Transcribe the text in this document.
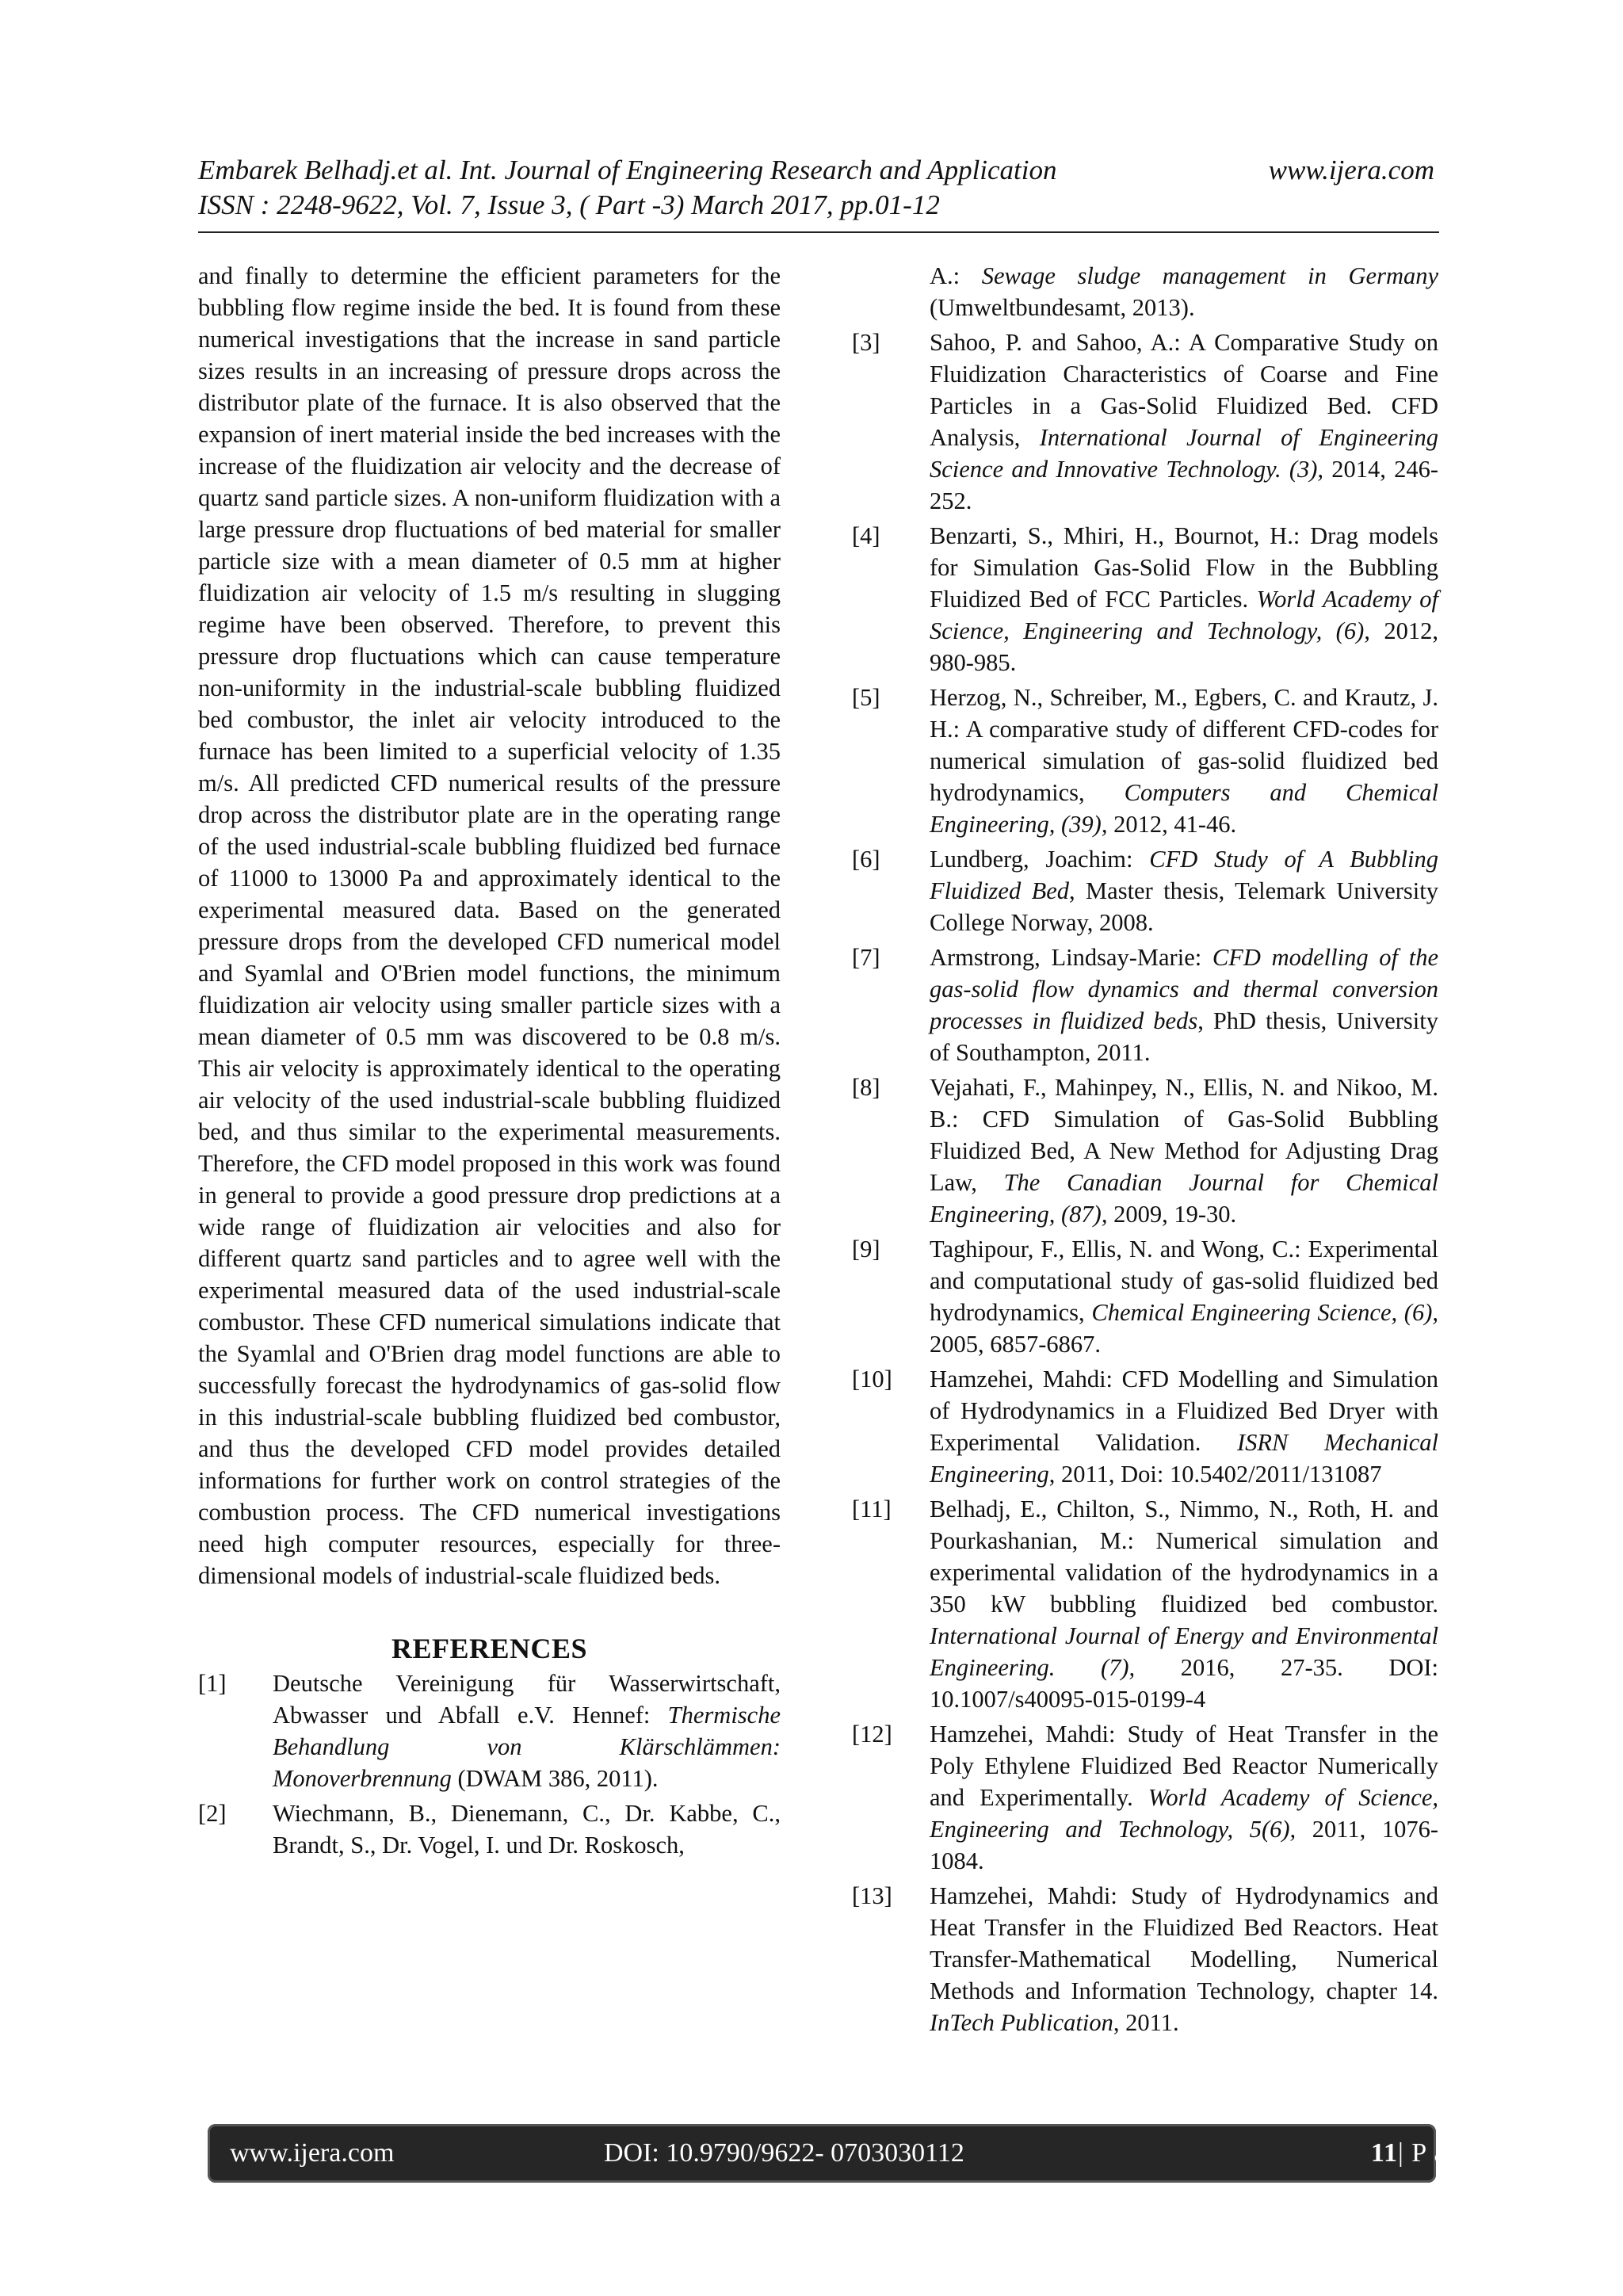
Embarek Belhadj.et al. Int. Journal of Engineering Research and Application	www.ijera.com
ISSN : 2248-9622, Vol. 7, Issue 3, ( Part -3) March 2017, pp.01-12

and finally to determine the efficient parameters for the bubbling flow regime inside the bed. It is found from these numerical investigations that the increase in sand particle sizes results in an increasing of pressure drops across the distributor plate of the furnace. It is also observed that the expansion of inert material inside the bed increases with the increase of the fluidization air velocity and the decrease of quartz sand particle sizes. A non-uniform fluidization with a large pressure drop fluctuations of bed material for smaller particle size with a mean diameter of 0.5 mm at higher fluidization air velocity of 1.5 m/s resulting in slugging regime have been observed. Therefore, to prevent this pressure drop fluctuations which can cause temperature non-uniformity in the industrial-scale bubbling fluidized bed combustor, the inlet air velocity introduced to the furnace has been limited to a superficial velocity of 1.35 m/s. All predicted CFD numerical results of the pressure drop across the distributor plate are in the operating range of the used industrial-scale bubbling fluidized bed furnace of 11000 to 13000 Pa and approximately identical to the experimental measured data. Based on the generated pressure drops from the developed CFD numerical model and Syamlal and O'Brien model functions, the minimum fluidization air velocity using smaller particle sizes with a mean diameter of 0.5 mm was discovered to be 0.8 m/s. This air velocity is approximately identical to the operating air velocity of the used industrial-scale bubbling fluidized bed, and thus similar to the experimental measurements. Therefore, the CFD model proposed in this work was found in general to provide a good pressure drop predictions at a wide range of fluidization air velocities and also for different quartz sand particles and to agree well with the experimental measured data of the used industrial-scale combustor. These CFD numerical simulations indicate that the Syamlal and O'Brien drag model functions are able to successfully forecast the hydrodynamics of gas-solid flow in this industrial-scale bubbling fluidized bed combustor, and thus the developed CFD model provides detailed informations for further work on control strategies of the combustion process. The CFD numerical investigations need high computer resources, especially for three-dimensional models of industrial-scale fluidized beds.

REFERENCES
[1]	Deutsche Vereinigung für Wasserwirtschaft, Abwasser und Abfall e.V. Hennef: Thermische Behandlung von Klärschlämmen: Monoverbrennung (DWAM 386, 2011).
[2]	Wiechmann, B., Dienemann, C., Dr. Kabbe, C., Brandt, S., Dr. Vogel, I. und Dr. Roskosch,
A.: Sewage sludge management in Germany (Umweltbundesamt, 2013).
[3]	Sahoo, P. and Sahoo, A.: A Comparative Study on Fluidization Characteristics of Coarse and Fine Particles in a Gas-Solid Fluidized Bed. CFD Analysis, International Journal of Engineering Science and Innovative Technology. (3), 2014, 246-252.
[4]	Benzarti, S., Mhiri, H., Bournot, H.: Drag models for Simulation Gas-Solid Flow in the Bubbling Fluidized Bed of FCC Particles. World Academy of Science, Engineering and Technology, (6), 2012, 980-985.
[5]	Herzog, N., Schreiber, M., Egbers, C. and Krautz, J. H.: A comparative study of different CFD-codes for numerical simulation of gas-solid fluidized bed hydrodynamics, Computers and Chemical Engineering, (39), 2012, 41-46.
[6]	Lundberg, Joachim: CFD Study of A Bubbling Fluidized Bed, Master thesis, Telemark University College Norway, 2008.
[7]	Armstrong, Lindsay-Marie: CFD modelling of the gas-solid flow dynamics and thermal conversion processes in fluidized beds, PhD thesis, University of Southampton, 2011.
[8]	Vejahati, F., Mahinpey, N., Ellis, N. and Nikoo, M. B.: CFD Simulation of Gas-Solid Bubbling Fluidized Bed, A New Method for Adjusting Drag Law, The Canadian Journal for Chemical Engineering, (87), 2009, 19-30.
[9]	Taghipour, F., Ellis, N. and Wong, C.: Experimental and computational study of gas-solid fluidized bed hydrodynamics, Chemical Engineering Science, (6), 2005, 6857-6867.
[10]	Hamzehei, Mahdi: CFD Modelling and Simulation of Hydrodynamics in a Fluidized Bed Dryer with Experimental Validation. ISRN Mechanical Engineering, 2011, Doi: 10.5402/2011/131087
[11]	Belhadj, E., Chilton, S., Nimmo, N., Roth, H. and Pourkashanian, M.: Numerical simulation and experimental validation of the hydrodynamics in a 350 kW bubbling fluidized bed combustor. International Journal of Energy and Environmental Engineering. (7), 2016, 27-35. DOI: 10.1007/s40095-015-0199-4
[12]	Hamzehei, Mahdi: Study of Heat Transfer in the Poly Ethylene Fluidized Bed Reactor Numerically and Experimentally. World Academy of Science, Engineering and Technology, 5(6), 2011, 1076-1084.
[13]	Hamzehei, Mahdi: Study of Hydrodynamics and Heat Transfer in the Fluidized Bed Reactors. Heat Transfer-Mathematical Modelling, Numerical Methods and Information Technology, chapter 14. InTech Publication, 2011.
www.ijera.com	DOI: 10.9790/9622- 0703030112	11 | P a g e
